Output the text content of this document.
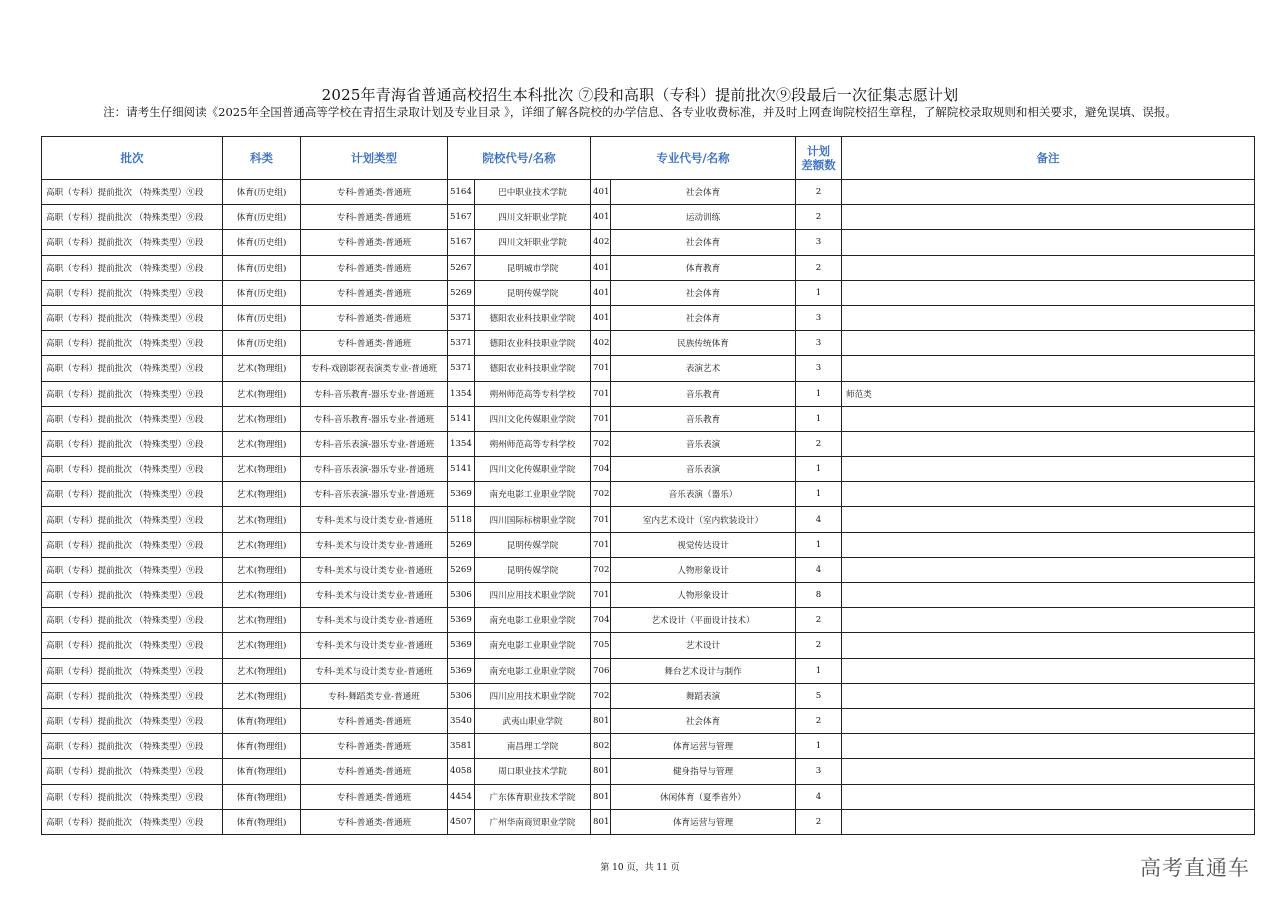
2025年青海省普通高校招生本科批次 ⑦段和高职（专科）提前批次⑨段最后一次征集志愿计划
注：请考生仔细阅读《2025年全国普通高等学校在青招生录取计划及专业目录 》，详细了解各院校的办学信息、各专业收费标准，并及时上网查询院校招生章程，了解院校录取规则和相关要求，避免误填、误报。
批次	科类	计划类型	院校代号/名称		专业代号/名称		计划
差额数	备注
高职（专科）提前批次 （特殊类型）⑨段	体育(历史组)	专科-普通类-普通班	5164	巴中职业技术学院	401	社会体育	2	
高职（专科）提前批次 （特殊类型）⑨段	体育(历史组)	专科-普通类-普通班	5167	四川文轩职业学院	401	运动训练	2	
高职（专科）提前批次 （特殊类型）⑨段	体育(历史组)	专科-普通类-普通班	5167	四川文轩职业学院	402	社会体育	3	
高职（专科）提前批次 （特殊类型）⑨段	体育(历史组)	专科-普通类-普通班	5267	昆明城市学院	401	体育教育	2	
高职（专科）提前批次 （特殊类型）⑨段	体育(历史组)	专科-普通类-普通班	5269	昆明传媒学院	401	社会体育	1	
高职（专科）提前批次 （特殊类型）⑨段	体育(历史组)	专科-普通类-普通班	5371	德阳农业科技职业学院	401	社会体育	3	
高职（专科）提前批次 （特殊类型）⑨段	体育(历史组)	专科-普通类-普通班	5371	德阳农业科技职业学院	402	民族传统体育	3	
高职（专科）提前批次 （特殊类型）⑨段	艺术(物理组)	专科-戏剧影视表演类专业-普通班	5371	德阳农业科技职业学院	701	表演艺术	3	
高职（专科）提前批次 （特殊类型）⑨段	艺术(物理组)	专科-音乐教育-器乐专业-普通班	1354	朔州师范高等专科学校	701	音乐教育	1	师范类
高职（专科）提前批次 （特殊类型）⑨段	艺术(物理组)	专科-音乐教育-器乐专业-普通班	5141	四川文化传媒职业学院	701	音乐教育	1	
高职（专科）提前批次 （特殊类型）⑨段	艺术(物理组)	专科-音乐表演-器乐专业-普通班	1354	朔州师范高等专科学校	702	音乐表演	2	
高职（专科）提前批次 （特殊类型）⑨段	艺术(物理组)	专科-音乐表演-器乐专业-普通班	5141	四川文化传媒职业学院	704	音乐表演	1	
高职（专科）提前批次 （特殊类型）⑨段	艺术(物理组)	专科-音乐表演-器乐专业-普通班	5369	南充电影工业职业学院	702	音乐表演（器乐）	1	
高职（专科）提前批次 （特殊类型）⑨段	艺术(物理组)	专科-美术与设计类专业-普通班	5118	四川国际标榜职业学院	701	室内艺术设计（室内软装设计）	4	
高职（专科）提前批次 （特殊类型）⑨段	艺术(物理组)	专科-美术与设计类专业-普通班	5269	昆明传媒学院	701	视觉传达设计	1	
高职（专科）提前批次 （特殊类型）⑨段	艺术(物理组)	专科-美术与设计类专业-普通班	5269	昆明传媒学院	702	人物形象设计	4	
高职（专科）提前批次 （特殊类型）⑨段	艺术(物理组)	专科-美术与设计类专业-普通班	5306	四川应用技术职业学院	701	人物形象设计	8	
高职（专科）提前批次 （特殊类型）⑨段	艺术(物理组)	专科-美术与设计类专业-普通班	5369	南充电影工业职业学院	704	艺术设计（平面设计技术）	2	
高职（专科）提前批次 （特殊类型）⑨段	艺术(物理组)	专科-美术与设计类专业-普通班	5369	南充电影工业职业学院	705	艺术设计	2	
高职（专科）提前批次 （特殊类型）⑨段	艺术(物理组)	专科-美术与设计类专业-普通班	5369	南充电影工业职业学院	706	舞台艺术设计与制作	1	
高职（专科）提前批次 （特殊类型）⑨段	艺术(物理组)	专科-舞蹈类专业-普通班	5306	四川应用技术职业学院	702	舞蹈表演	5	
高职（专科）提前批次 （特殊类型）⑨段	体育(物理组)	专科-普通类-普通班	3540	武夷山职业学院	801	社会体育	2	
高职（专科）提前批次 （特殊类型）⑨段	体育(物理组)	专科-普通类-普通班	3581	南昌理工学院	802	体育运营与管理	1	
高职（专科）提前批次 （特殊类型）⑨段	体育(物理组)	专科-普通类-普通班	4058	周口职业技术学院	801	健身指导与管理	3	
高职（专科）提前批次 （特殊类型）⑨段	体育(物理组)	专科-普通类-普通班	4454	广东体育职业技术学院	801	休闲体育（夏季省外）	4	
高职（专科）提前批次 （特殊类型）⑨段	体育(物理组)	专科-普通类-普通班	4507	广州华南商贸职业学院	801	体育运营与管理	2	
第 10 页，共 11 页	高考直通车
